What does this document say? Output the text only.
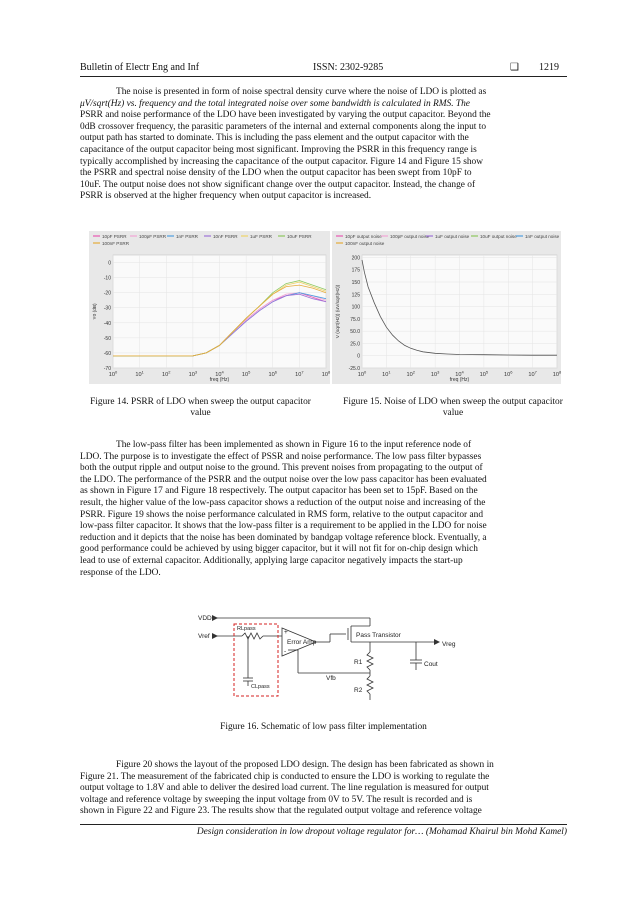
Bulletin of Electr Eng and Inf	ISSN: 2302-9285	❑ 1219
The noise is presented in form of noise spectral density curve where the noise of LDO is plotted as
μV/sqrt(Hz) vs. frequency and the total integrated noise over some bandwidth is calculated in RMS. The
PSRR and noise performance of the LDO have been investigated by varying the output capacitor. Beyond the
0dB crossover frequency, the parasitic parameters of the internal and external components along the input to
output path has started to dominate. This is including the pass element and the output capacitor with the
capacitance of the output capacitor being most significant. Improving the PSRR in this frequency range is
typically accomplished by increasing the capacitance of the output capacitor. Figure 14 and Figure 15 show
the PSRR and spectral noise density of the LDO when the output capacitor has been swept from 10pF to
10uF. The output noise does not show significant change over the output capacitor. Instead, the change of
PSRR is observed at the higher frequency when output capacitor is increased.
10pF PSRR	100pF PSRR 1nF PSRR	10nF PSRR	1uF PSRR	10uF PSRR
100nF PSRR
0
-10
-20
-30
-40
-50
-60
-70
$10^0$	$10^1$	$10^2$	$10^3$	$10^4$	$10^5$	$10^6$	$10^7$	$10^8$
freq (Hz)
Y0 (dB)
10pF output noise 100pF output noise 1uF output noise 10uF output noise 1nF output noise
100nF output noise
200
175
150
125
100
75.0
50.0
25.0
0
-25.0
$10^0$	$10^1$	$10^2$	$10^3$	$10^4$	$10^5$	$10^6$	$10^7$	$10^8$
freq (Hz)
V (sqrt(Hz)) (uV/sqrt(Hz))
Figure 14. PSRR of LDO when sweep the output capacitor value
Figure 15. Noise of LDO when sweep the output capacitor value
The low-pass filter has been implemented as shown in Figure 16 to the input reference node of
LDO. The purpose is to investigate the effect of PSSR and noise performance. The low pass filter bypasses
both the output ripple and output noise to the ground. This prevent noises from propagating to the output of
the LDO. The performance of the PSRR and the output noise over the low pass capacitor has been evaluated
as shown in Figure 17 and Figure 18 respectively. The output capacitor has been set to 15pF. Based on the
result, the higher value of the low-pass capacitor shows a reduction of the output noise and increasing of the
PSRR. Figure 19 shows the noise performance calculated in RMS form, relative to the output capacitor and
low-pass filter capacitor. It shows that the low-pass filter is a requirement to be applied in the LDO for noise
reduction and it depicts that the noise has been dominated by bandgap voltage reference block. Eventually, a
good performance could be achieved by using bigger capacitor, but it will not fit for on-chip design which
lead to use of external capacitor. Additionally, applying large capacitor negatively impacts the start-up
response of the LDO.
VDD
Vref
RLpass
CLpass
+
-
Error Amp
Pass Transistor
Vreg
R1
R2
Vfb
Cout
Figure 16. Schematic of low pass filter implementation
Figure 20 shows the layout of the proposed LDO design. The design has been fabricated as shown in
Figure 21. The measurement of the fabricated chip is conducted to ensure the LDO is working to regulate the
output voltage to 1.8V and able to deliver the desired load current. The line regulation is measured for output
voltage and reference voltage by sweeping the input voltage from 0V to 5V. The result is recorded and is
shown in Figure 22 and Figure 23. The results show that the regulated output voltage and reference voltage
Design consideration in low dropout voltage regulator for… (Mohamad Khairul bin Mohd Kamel)
